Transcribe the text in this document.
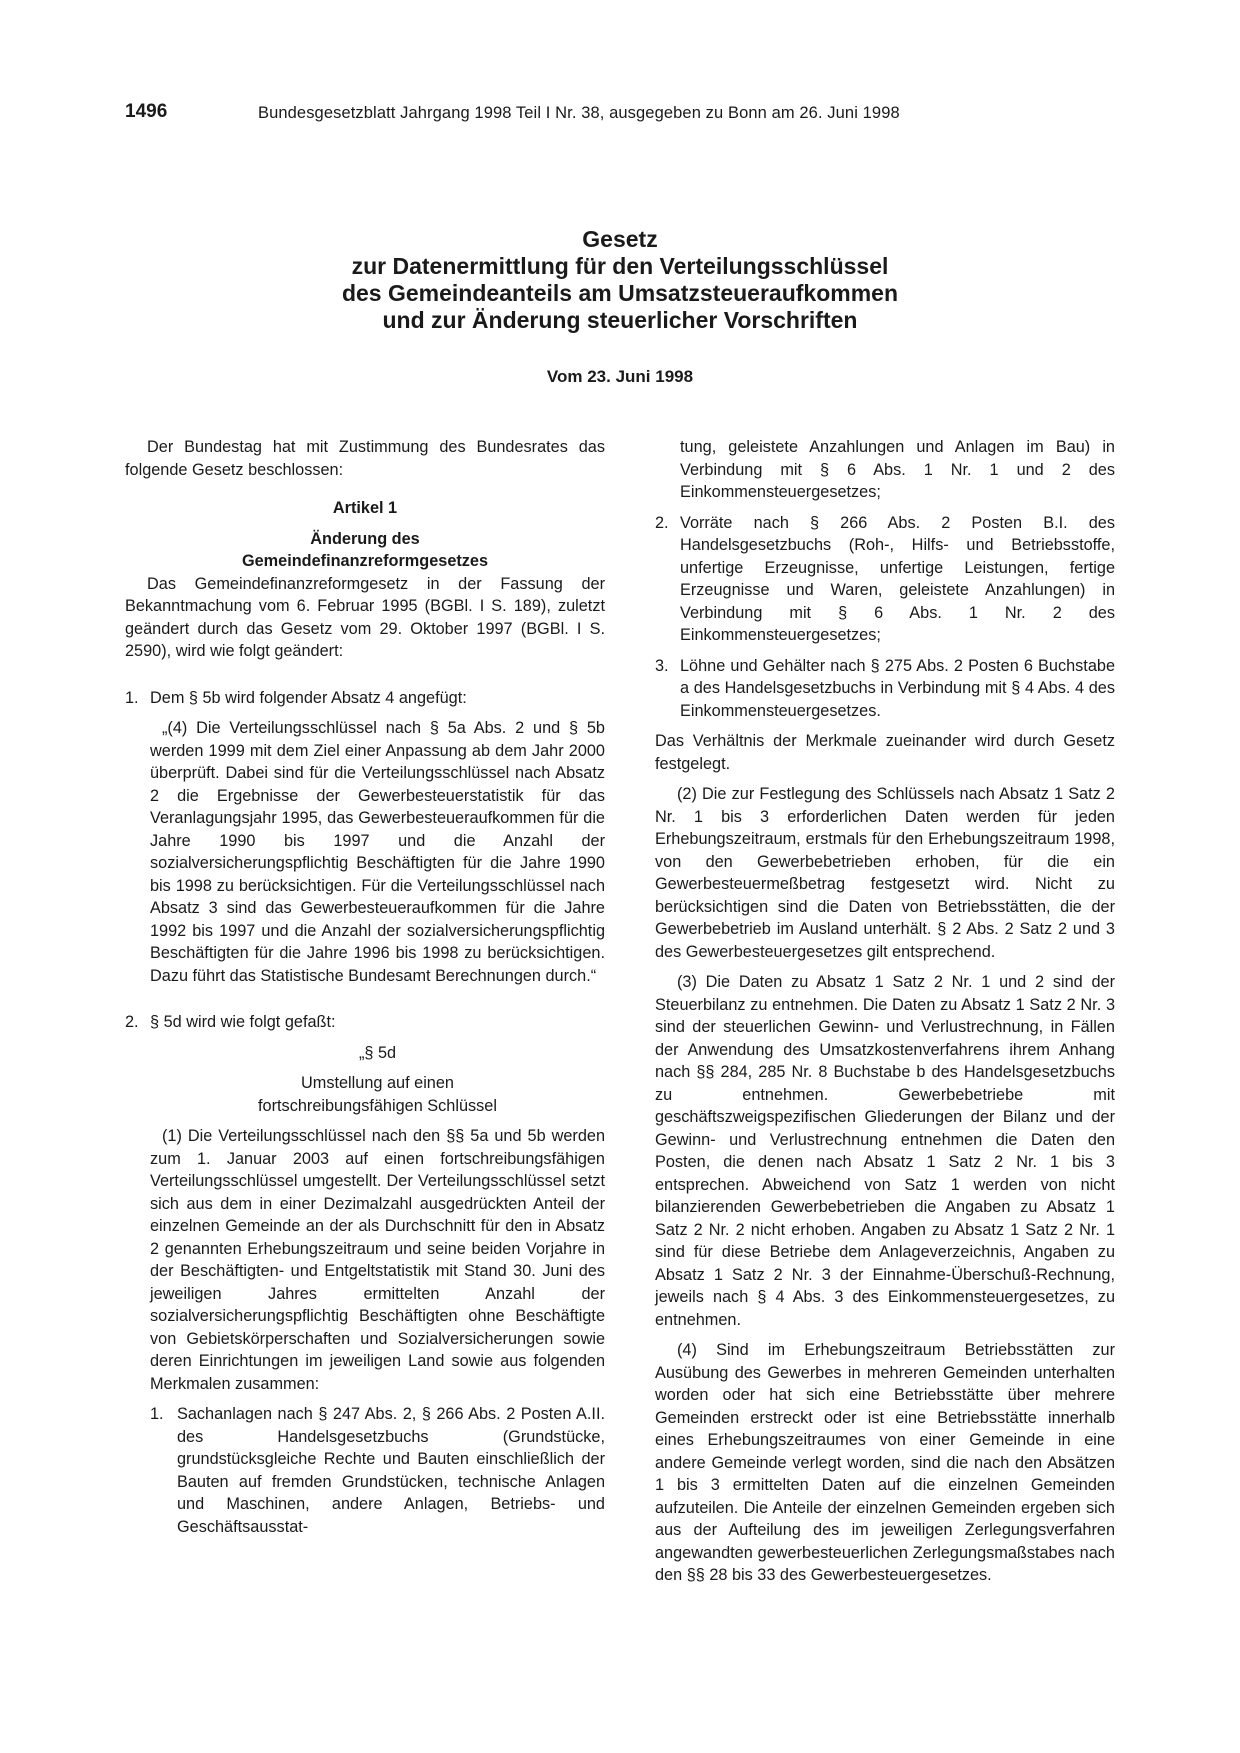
1496	Bundesgesetzblatt Jahrgang 1998 Teil I Nr. 38, ausgegeben zu Bonn am 26. Juni 1998
Gesetz
zur Datenermittlung für den Verteilungsschlüssel
des Gemeindeanteils am Umsatzsteueraufkommen
und zur Änderung steuerlicher Vorschriften
Vom 23. Juni 1998

Der Bundestag hat mit Zustimmung des Bundesrates das folgende Gesetz beschlossen:

Artikel 1

Änderung des

Gemeindefinanzreformgesetzes

Das Gemeindefinanzreformgesetz in der Fassung der Bekanntmachung vom 6. Februar 1995 (BGBl. I S. 189), zuletzt geändert durch das Gesetz vom 29. Oktober 1997 (BGBl. I S. 2590), wird wie folgt geändert:

1. Dem § 5b wird folgender Absatz 4 angefügt:

„(4) Die Verteilungsschlüssel nach § 5a Abs. 2 und § 5b werden 1999 mit dem Ziel einer Anpassung ab dem Jahr 2000 überprüft. Dabei sind für die Verteilungsschlüssel nach Absatz 2 die Ergebnisse der Gewerbesteuerstatistik für das Veranlagungsjahr 1995, das Gewerbesteueraufkommen für die Jahre 1990 bis 1997 und die Anzahl der sozialversicherungspflichtig Beschäftigten für die Jahre 1990 bis 1998 zu berücksichtigen. Für die Verteilungsschlüssel nach Absatz 3 sind das Gewerbesteueraufkommen für die Jahre 1992 bis 1997 und die Anzahl der sozialversicherungspflichtig Beschäftigten für die Jahre 1996 bis 1998 zu berücksichtigen. Dazu führt das Statistische Bundesamt Berechnungen durch.“

2. § 5d wird wie folgt gefaßt:

„§ 5d

Umstellung auf einen

fortschreibungsfähigen Schlüssel

(1) Die Verteilungsschlüssel nach den §§ 5a und 5b werden zum 1. Januar 2003 auf einen fortschreibungsfähigen Verteilungsschlüssel umgestellt. Der Verteilungsschlüssel setzt sich aus dem in einer Dezimalzahl ausgedrückten Anteil der einzelnen Gemeinde an der als Durchschnitt für den in Absatz 2 genannten Erhebungszeitraum und seine beiden Vorjahre in der Beschäftigten- und Entgeltstatistik mit Stand 30. Juni des jeweiligen Jahres ermittelten Anzahl der sozialversicherungspflichtig Beschäftigten ohne Beschäftigte von Gebietskörperschaften und Sozialversicherungen sowie deren Einrichtungen im jeweiligen Land sowie aus folgenden Merkmalen zusammen:

1. Sachanlagen nach § 247 Abs. 2, § 266 Abs. 2 Posten A.II. des Handelsgesetzbuchs (Grundstücke, grundstücksgleiche Rechte und Bauten einschließlich der Bauten auf fremden Grundstücken, technische Anlagen und Maschinen, andere Anlagen, Betriebs- und Geschäftsausstat-

tung, geleistete Anzahlungen und Anlagen im Bau) in Verbindung mit § 6 Abs. 1 Nr. 1 und 2 des Einkommensteuergesetzes;

2. Vorräte nach § 266 Abs. 2 Posten B.I. des Handelsgesetzbuchs (Roh-, Hilfs- und Betriebsstoffe, unfertige Erzeugnisse, unfertige Leistungen, fertige Erzeugnisse und Waren, geleistete Anzahlungen) in Verbindung mit § 6 Abs. 1 Nr. 2 des Einkommensteuergesetzes;
3. Löhne und Gehälter nach § 275 Abs. 2 Posten 6 Buchstabe a des Handelsgesetzbuchs in Verbindung mit § 4 Abs. 4 des Einkommensteuergesetzes.

Das Verhältnis der Merkmale zueinander wird durch Gesetz festgelegt.

(2) Die zur Festlegung des Schlüssels nach Absatz 1 Satz 2 Nr. 1 bis 3 erforderlichen Daten werden für jeden Erhebungszeitraum, erstmals für den Erhebungszeitraum 1998, von den Gewerbebetrieben erhoben, für die ein Gewerbesteuermeßbetrag festgesetzt wird. Nicht zu berücksichtigen sind die Daten von Betriebsstätten, die der Gewerbebetrieb im Ausland unterhält. § 2 Abs. 2 Satz 2 und 3 des Gewerbesteuergesetzes gilt entsprechend.

(3) Die Daten zu Absatz 1 Satz 2 Nr. 1 und 2 sind der Steuerbilanz zu entnehmen. Die Daten zu Absatz 1 Satz 2 Nr. 3 sind der steuerlichen Gewinn- und Verlustrechnung, in Fällen der Anwendung des Umsatzkostenverfahrens ihrem Anhang nach §§ 284, 285 Nr. 8 Buchstabe b des Handelsgesetzbuchs zu entnehmen. Gewerbebetriebe mit geschäftszweigspezifischen Gliederungen der Bilanz und der Gewinn- und Verlustrechnung entnehmen die Daten den Posten, die denen nach Absatz 1 Satz 2 Nr. 1 bis 3 entsprechen. Abweichend von Satz 1 werden von nicht bilanzierenden Gewerbebetrieben die Angaben zu Absatz 1 Satz 2 Nr. 2 nicht erhoben. Angaben zu Absatz 1 Satz 2 Nr. 1 sind für diese Betriebe dem Anlageverzeichnis, Angaben zu Absatz 1 Satz 2 Nr. 3 der Einnahme-Überschuß-Rechnung, jeweils nach § 4 Abs. 3 des Einkommensteuergesetzes, zu entnehmen.

(4) Sind im Erhebungszeitraum Betriebsstätten zur Ausübung des Gewerbes in mehreren Gemeinden unterhalten worden oder hat sich eine Betriebsstätte über mehrere Gemeinden erstreckt oder ist eine Betriebsstätte innerhalb eines Erhebungszeitraumes von einer Gemeinde in eine andere Gemeinde verlegt worden, sind die nach den Absätzen 1 bis 3 ermittelten Daten auf die einzelnen Gemeinden aufzuteilen. Die Anteile der einzelnen Gemeinden ergeben sich aus der Aufteilung des im jeweiligen Zerlegungsverfahren angewandten gewerbesteuerlichen Zerlegungsmaßstabes nach den §§ 28 bis 33 des Gewerbesteuergesetzes.
